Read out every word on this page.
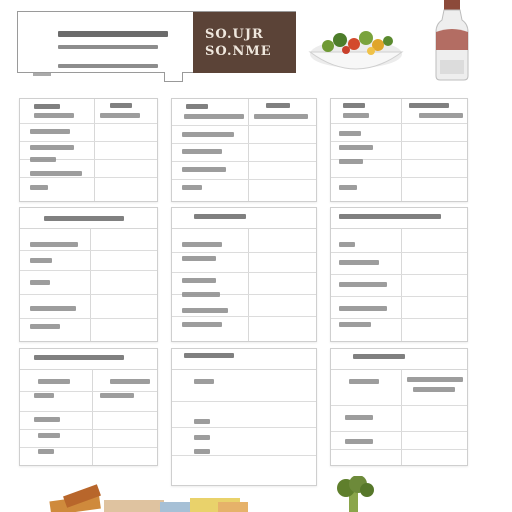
SO.UJR
SO.NME
